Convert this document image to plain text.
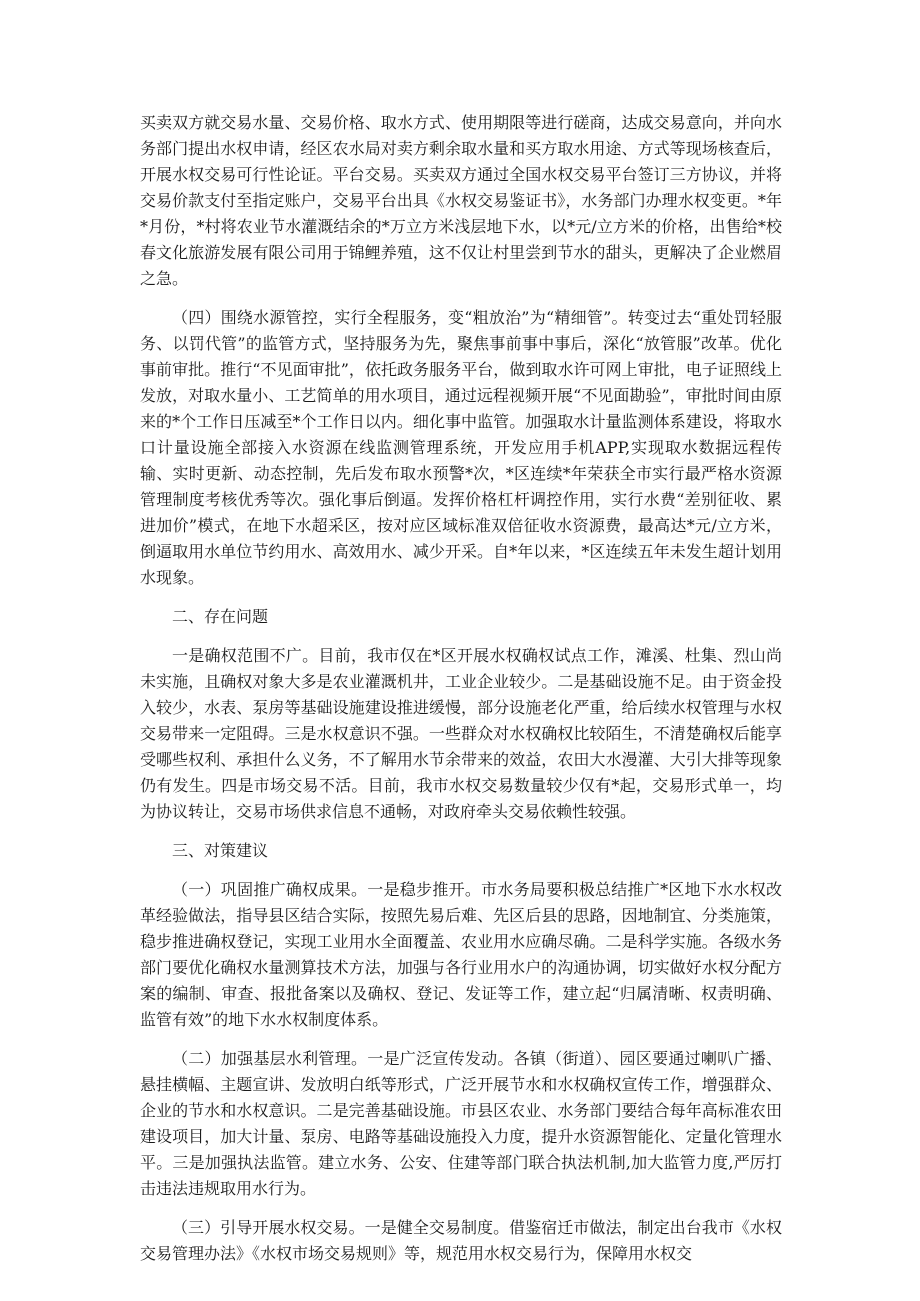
买卖双方就交易水量、交易价格、取水方式、使用期限等进行磋商，达成交易意向，并向水务部门提出水权申请，经区农水局对卖方剩余取水量和买方取水用途、方式等现场核查后，开展水权交易可行性论证。平台交易。买卖双方通过全国水权交易平台签订三方协议，并将交易价款支付至指定账户，交易平台出具《水权交易鉴证书》，水务部门办理水权变更。*年*月份，*村将农业节水灌溉结余的*万立方米浅层地下水，以*元/立方米的价格，出售给*校春文化旅游发展有限公司用于锦鲤养殖，这不仅让村里尝到节水的甜头，更解决了企业燃眉之急。

（四）围绕水源管控，实行全程服务，变“粗放治”为“精细管”。转变过去“重处罚轻服务、以罚代管”的监管方式，坚持服务为先，聚焦事前事中事后，深化“放管服”改革。优化事前审批。推行“不见面审批”，依托政务服务平台，做到取水许可网上审批，电子证照线上发放，对取水量小、工艺简单的用水项目，通过远程视频开展“不见面勘验”，审批时间由原来的*个工作日压减至*个工作日以内。细化事中监管。加强取水计量监测体系建设，将取水口计量设施全部接入水资源在线监测管理系统，开发应用手机APP,实现取水数据远程传输、实时更新、动态控制，先后发布取水预警*次，*区连续*年荣获全市实行最严格水资源管理制度考核优秀等次。强化事后倒逼。发挥价格杠杆调控作用，实行水费“差别征收、累进加价”模式，在地下水超采区，按对应区域标准双倍征收水资源费，最高达*元/立方米，倒逼取用水单位节约用水、高效用水、减少开采。自*年以来，*区连续五年未发生超计划用水现象。

二、存在问题

一是确权范围不广。目前，我市仅在*区开展水权确权试点工作，滩溪、杜集、烈山尚未实施，且确权对象大多是农业灌溉机井，工业企业较少。二是基础设施不足。由于资金投入较少，水表、泵房等基础设施建设推进缓慢，部分设施老化严重，给后续水权管理与水权交易带来一定阻碍。三是水权意识不强。一些群众对水权确权比较陌生，不清楚确权后能享受哪些权利、承担什么义务，不了解用水节余带来的效益，农田大水漫灌、大引大排等现象仍有发生。四是市场交易不活。目前，我市水权交易数量较少仅有*起，交易形式单一，均为协议转让，交易市场供求信息不通畅，对政府牵头交易依赖性较强。

三、对策建议

（一）巩固推广确权成果。一是稳步推开。市水务局要积极总结推广*区地下水水权改革经验做法，指导县区结合实际，按照先易后难、先区后县的思路，因地制宜、分类施策，稳步推进确权登记，实现工业用水全面覆盖、农业用水应确尽确。二是科学实施。各级水务部门要优化确权水量测算技术方法，加强与各行业用水户的沟通协调，切实做好水权分配方案的编制、审查、报批备案以及确权、登记、发证等工作，建立起“归属清晰、权责明确、监管有效”的地下水水权制度体系。

（二）加强基层水利管理。一是广泛宣传发动。各镇（街道）、园区要通过喇叭广播、悬挂横幅、主题宣讲、发放明白纸等形式，广泛开展节水和水权确权宣传工作，增强群众、企业的节水和水权意识。二是完善基础设施。市县区农业、水务部门要结合每年高标准农田建设项目，加大计量、泵房、电路等基础设施投入力度，提升水资源智能化、定量化管理水平。三是加强执法监管。建立水务、公安、住建等部门联合执法机制,加大监管力度,严厉打击违法违规取用水行为。

（三）引导开展水权交易。一是健全交易制度。借鉴宿迁市做法，制定出台我市《水权交易管理办法》《水权市场交易规则》等，规范用水权交易行为，保障用水权交
